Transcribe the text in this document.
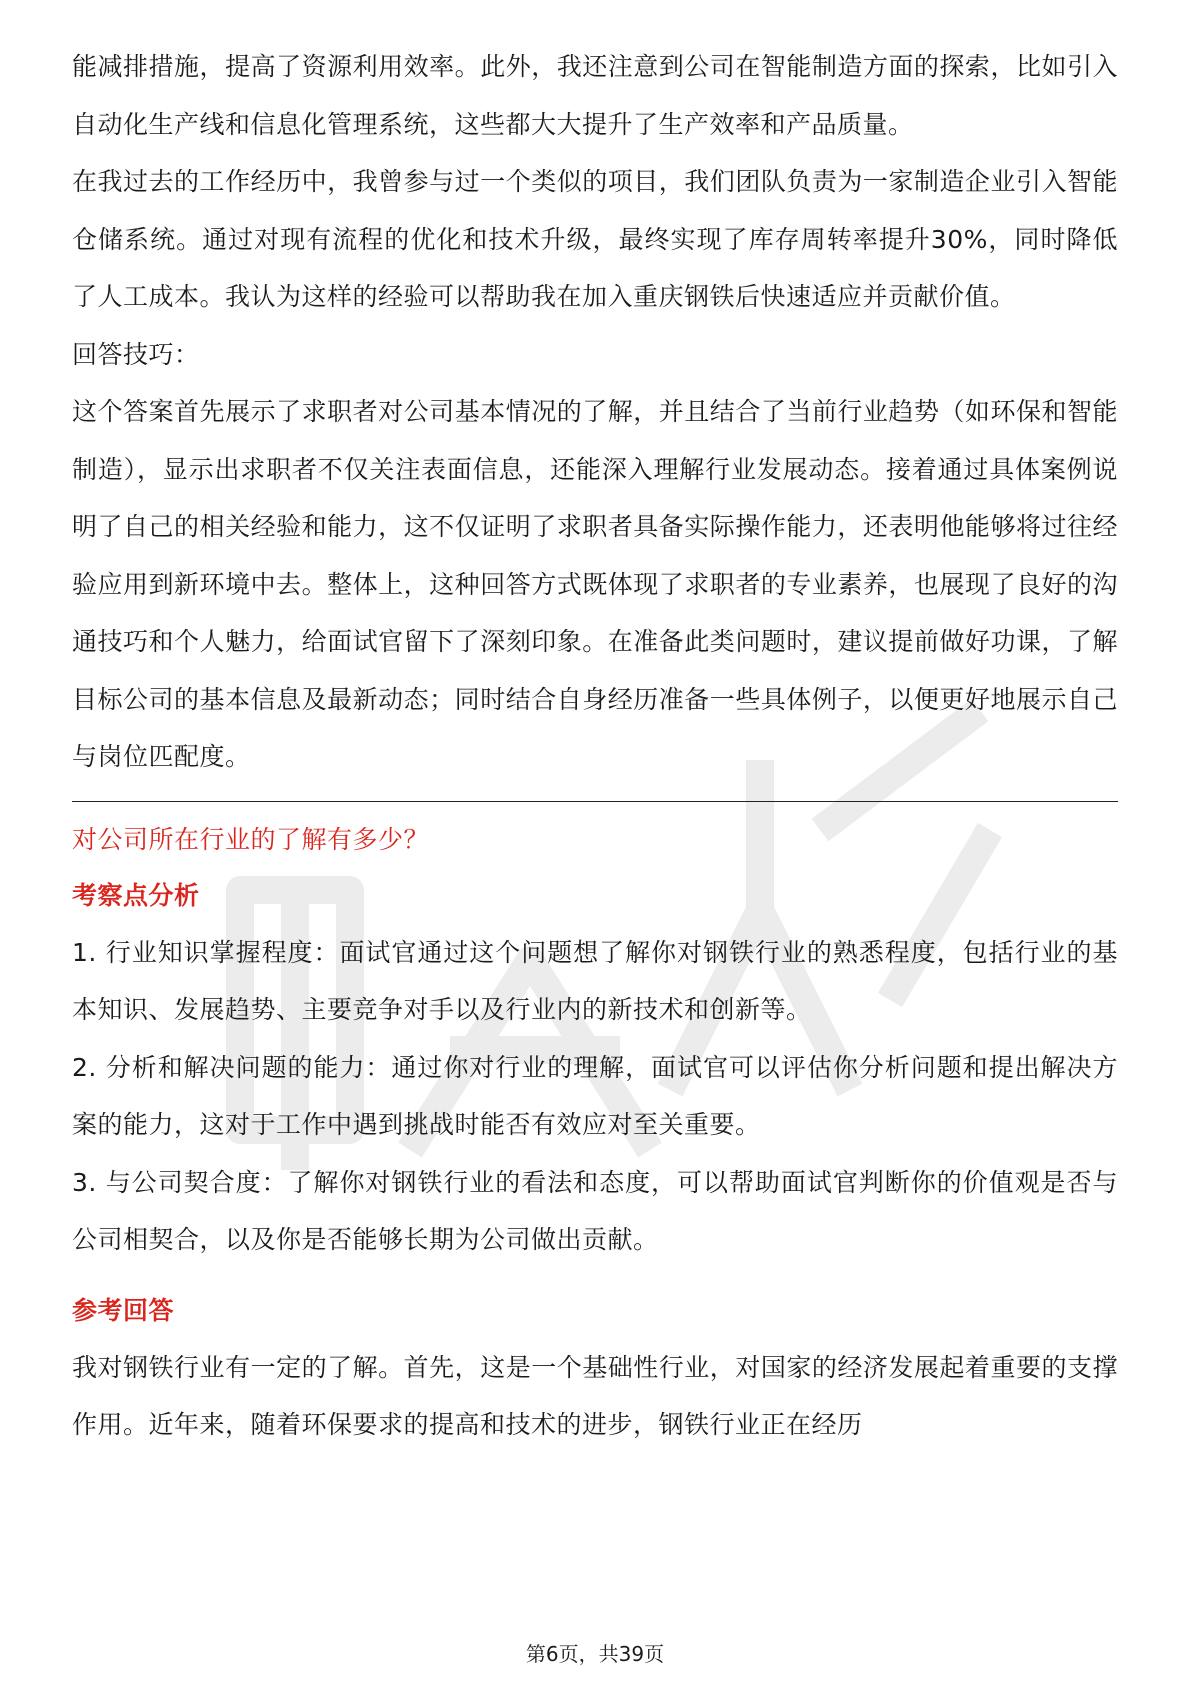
能减排措施，提高了资源利用效率。此外，我还注意到公司在智能制造方面的探索，比如引入自动化生产线和信息化管理系统，这些都大大提升了生产效率和产品质量。

在我过去的工作经历中，我曾参与过一个类似的项目，我们团队负责为一家制造企业引入智能仓储系统。通过对现有流程的优化和技术升级，最终实现了库存周转率提升30%，同时降低了人工成本。我认为这样的经验可以帮助我在加入重庆钢铁后快速适应并贡献价值。

回答技巧：

这个答案首先展示了求职者对公司基本情况的了解，并且结合了当前行业趋势（如环保和智能制造），显示出求职者不仅关注表面信息，还能深入理解行业发展动态。接着通过具体案例说明了自己的相关经验和能力，这不仅证明了求职者具备实际操作能力，还表明他能够将过往经验应用到新环境中去。整体上，这种回答方式既体现了求职者的专业素养，也展现了良好的沟通技巧和个人魅力，给面试官留下了深刻印象。在准备此类问题时，建议提前做好功课，了解目标公司的基本信息及最新动态；同时结合自身经历准备一些具体例子，以便更好地展示自己与岗位匹配度。

对公司所在行业的了解有多少？

考察点分析

1. 行业知识掌握程度：面试官通过这个问题想了解你对钢铁行业的熟悉程度，包括行业的基本知识、发展趋势、主要竞争对手以及行业内的新技术和创新等。

2. 分析和解决问题的能力：通过你对行业的理解，面试官可以评估你分析问题和提出解决方案的能力，这对于工作中遇到挑战时能否有效应对至关重要。

3. 与公司契合度：了解你对钢铁行业的看法和态度，可以帮助面试官判断你的价值观是否与公司相契合，以及你是否能够长期为公司做出贡献。

参考回答

我对钢铁行业有一定的了解。首先，这是一个基础性行业，对国家的经济发展起着重要的支撑作用。近年来，随着环保要求的提高和技术的进步，钢铁行业正在经历

第6页，共39页
